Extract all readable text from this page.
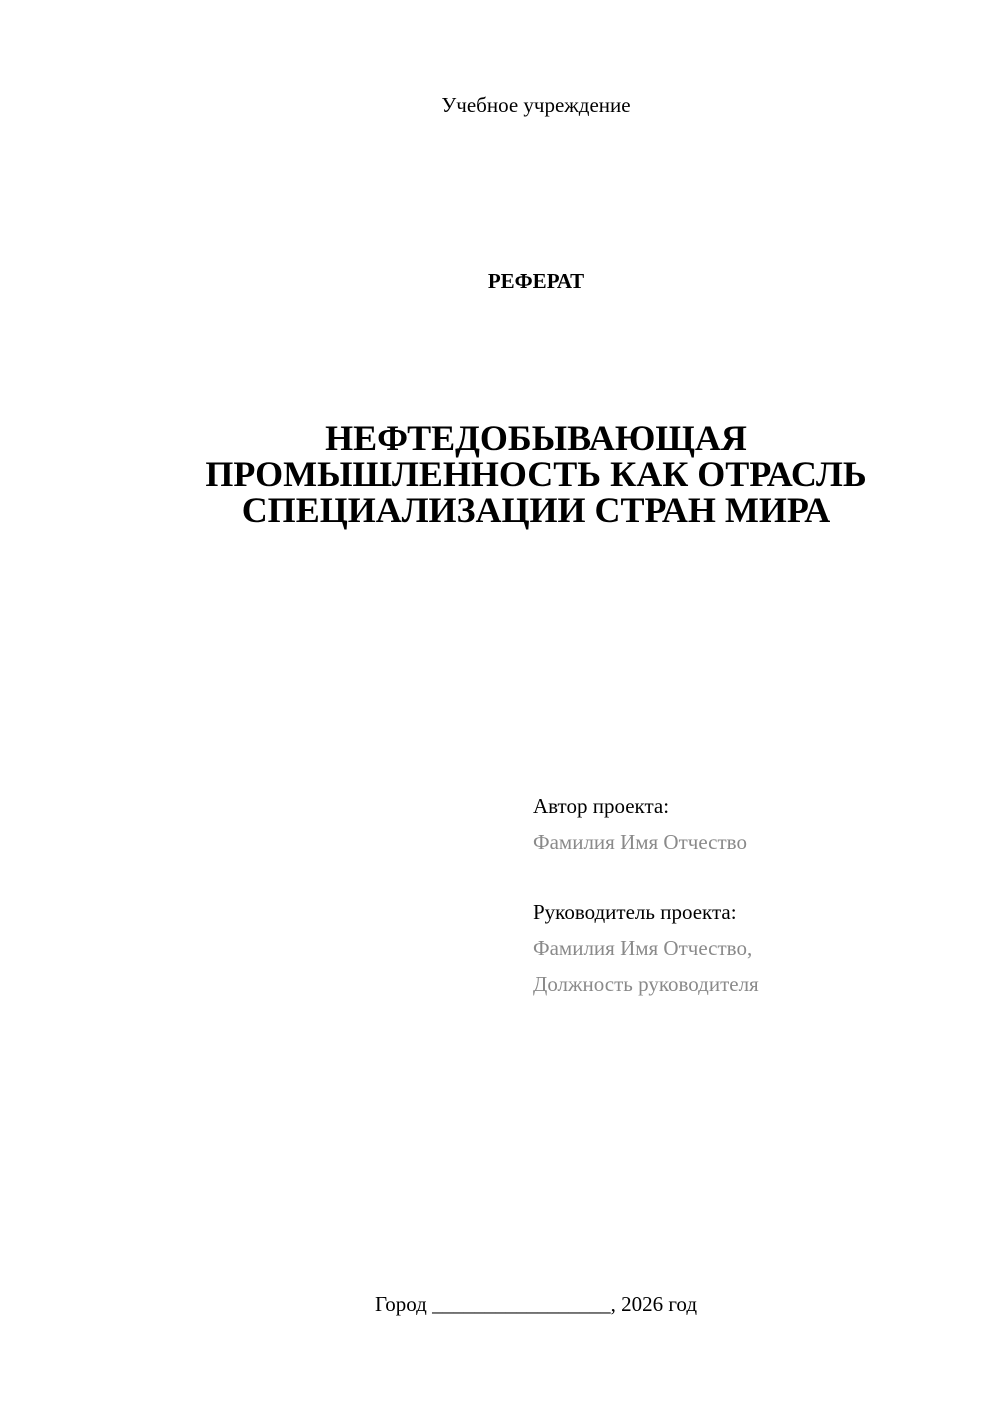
Учебное учреждение
РЕФЕРАТ
НЕФТЕДОБЫВАЮЩАЯ
ПРОМЫШЛЕННОСТЬ КАК ОТРАСЛЬ
СПЕЦИАЛИЗАЦИИ СТРАН МИРА
Автор проекта:
Фамилия Имя Отчество
Руководитель проекта:
Фамилия Имя Отчество,
Должность руководителя
Город _________________, 2026 год
